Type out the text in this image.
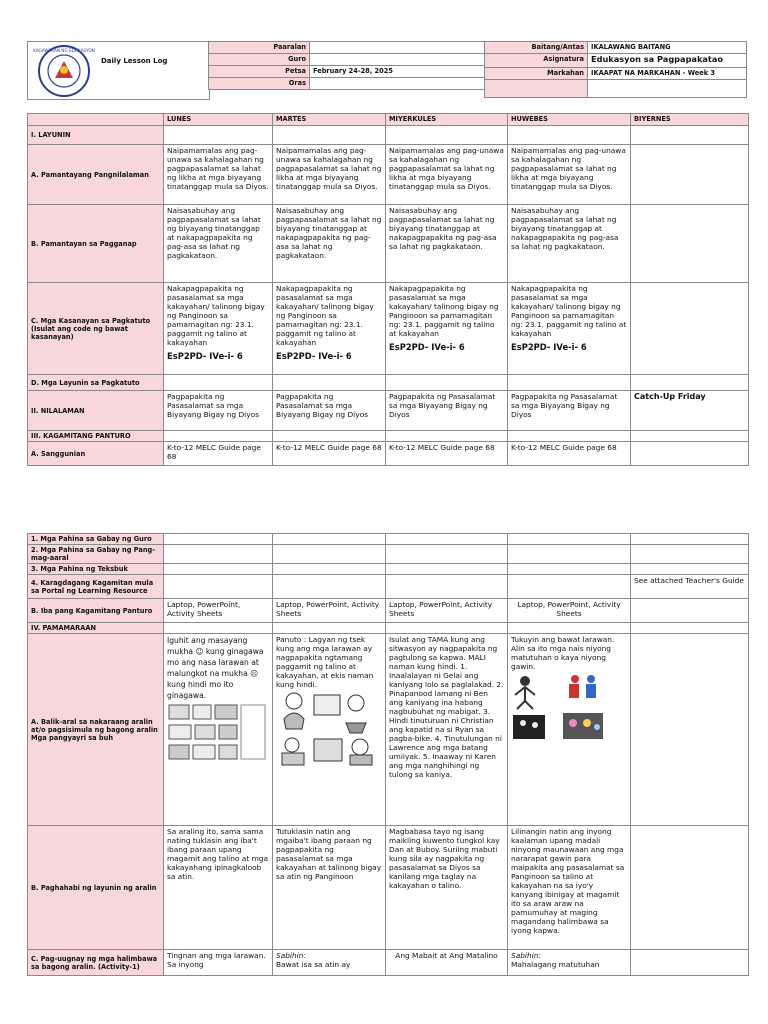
KAGAWARAN NG EDUKASYON
Daily Lesson Log
Paaralan	
Guro	
Petsa	February 24-28, 2025
Oras	
Baitang/Antas	IKALAWANG BAITANG
Asignatura	Edukasyon sa Pagpapakatao
Markahan	IKAAPAT NA MARKAHAN - Week 3

	LUNES	MARTES	MIYERKULES	HUWEBES	BIYERNES
I. LAYUNIN					
A. Pamantayang Pangnilalaman	Naipamamalas ang pag-unawa sa kahalagahan ng pagpapasalamat sa lahat ng likha at mga biyayang tinatanggap mula sa Diyos.	Naipamamalas ang pag-unawa sa kahalagahan ng pagpapasalamat sa lahat ng likha at mga biyayang tinatanggap mula sa Diyos.	Naipamamalas ang pag-unawa sa kahalagahan ng pagpapasalamat sa lahat ng likha at mga biyayang tinatanggap mula sa Diyos.	Naipamamalas ang pag-unawa sa kahalagahan ng pagpapasalamat sa lahat ng likha at mga biyayang tinatanggap mula sa Diyos.	
B. Pamantayan sa Pagganap	Naisasabuhay ang pagpapasalamat sa lahat ng biyayang tinatanggap at nakapagpapakita ng pag-asa sa lahat ng pagkakataon.	Naisasabuhay ang pagpapasalamat sa lahat ng biyayang tinatanggap at nakapagpapakita ng pag-asa sa lahat ng pagkakataon.	Naisasabuhay ang pagpapasalamat sa lahat ng biyayang tinatanggap at nakapagpapakita ng pag-asa sa lahat ng pagkakataon.	Naisasabuhay ang pagpapasalamat sa lahat ng biyayang tinatanggap at nakapagpapakita ng pag-asa sa lahat ng pagkakataon.	
C. Mga Kasanayan sa Pagkatuto (Isulat ang code ng bawat kasanayan)	Nakapagpapakita ng pasasalamat sa mga kakayahan/ talinong bigay ng Panginoon sa pamamagitan ng: 23.1. paggamit ng talino at kakayahan
EsP2PD- IVe-i- 6	Nakapagpapakita ng pasasalamat sa mga kakayahan/ talinong bigay ng Panginoon sa pamamagitan ng: 23.1. paggamit ng talino at kakayahan
EsP2PD- IVe-i- 6	Nakapagpapakita ng pasasalamat sa mga kakayahan/ talinong bigay ng Panginoon sa pamamagitan ng: 23.1. paggamit ng talino at kakayahan
EsP2PD- IVe-i- 6	Nakapagpapakita ng pasasalamat sa mga kakayahan/ talinong bigay ng Panginoon sa pamamagitan ng: 23.1. paggamit ng talino at kakayahan
EsP2PD- IVe-i- 6	

D. Mga Layunin sa Pagkatuto					
II. NILALAMAN	Pagpapakita ng Pasasalamat sa mga Biyayang Bigay ng Diyos	Pagpapakita ng Pasasalamat sa mga Biyayang Bigay ng Diyos	Pagpapakita ng Pasasalamat sa mga Biyayang Bigay ng Diyos	Pagpapakita ng Pasasalamat sa mga Biyayang Bigay ng Diyos	Catch-Up Friday
III. KAGAMITANG PANTURO					
A. Sanggunian	K-to-12 MELC Guide page 68	K-to-12 MELC Guide page 68	K-to-12 MELC Guide page 68	K-to-12 MELC Guide page 68	
1. Mga Pahina sa Gabay ng Guro					
2. Mga Pahina sa Gabay ng Pang-mag-aaral					
3. Mga Pahina ng Teksbuk					
4. Karagdagang Kagamitan mula sa Portal ng Learning Resource					See attached Teacher's Guide
B. Iba pang Kagamitang Panturo	Laptop, PowerPoint, Activity Sheets	Laptop, PowerPoint, Activity Sheets	Laptop, PowerPoint, Activity Sheets	Laptop, PowerPoint, Activity Sheets	
IV. PAMAMARAAN					
A. Balik-aral sa nakaraang aralin at/o pagsisimula ng bagong aralin Mga pangyayri sa buh	Iguhit ang masayang mukha ☺ kung ginagawa mo ang nasa larawan at malungkot na mukha ☹ kung hindi mo ito ginagawa.	Panuto : Lagyan ng tsek kung ang mga larawan ay nagpapakita ngtamang paggamit ng talino at kakayahan, at ekis naman kung hindi.	Isulat ang TAMA kung ang sitwasyon ay nagpapakita ng pagtulong sa kapwa. MALI naman kung hindi. 1. Inaalalayan ni Gelai ang kaniyang lolo sa paglalakad. 2. Pinapanood lamang ni Ben ang kaniyang ina habang nagbubuhat ng mabigat. 3. Hindi tinuturuan ni Christian ang kapatid na si Ryan sa pagba-bike. 4. Tinutulungan ni Lawrence ang mga batang umiiyak. 5. Inaaway ni Karen ang mga nanghihingi ng tulong sa kaniya.	Tukuyin ang bawat larawan. Alin sa ito mga nais niyong matutuhan o kaya niyong gawin.	

B. Paghahabi ng layunin ng aralin	Sa araling ito, sama sama nating tuklasin ang iba't ibang paraan upang magamit ang talino at mga kakayahang ipinagkaloob sa atin.	Tutuklasin natin ang mgaiba't ibang paraan ng pagpapakita ng pasasalamat sa mga kakayahan at talinong bigay sa atin ng Panginoon	Magbabasa tayo ng isang maikling kuwento tungkol kay Dan at Buboy. Suriing mabuti kung sila ay nagpakita ng pasasalamat sa Diyos sa kanilang mga taglay na kakayahan o talino.	Lilinangin natin ang inyong kaalaman upang madali ninyong maunawaan ang mga nararapat gawin para maipakita ang pasasalamat sa Panginoon sa talino at kakayahan na sa iyo'y kanyang ibinigay at magamit ito sa araw araw na pamumuhay at maging magandang halimbawa sa iyong kapwa.	
C. Pag-uugnay ng mga halimbawa sa bagong aralin. (Activity-1)	Tingnan ang mga larawan. Sa inyong	Sabihin:
Bawat isa sa atin ay	Ang Mabait at Ang Matalino	Sabihin:
Mahalagang matutuhan	
